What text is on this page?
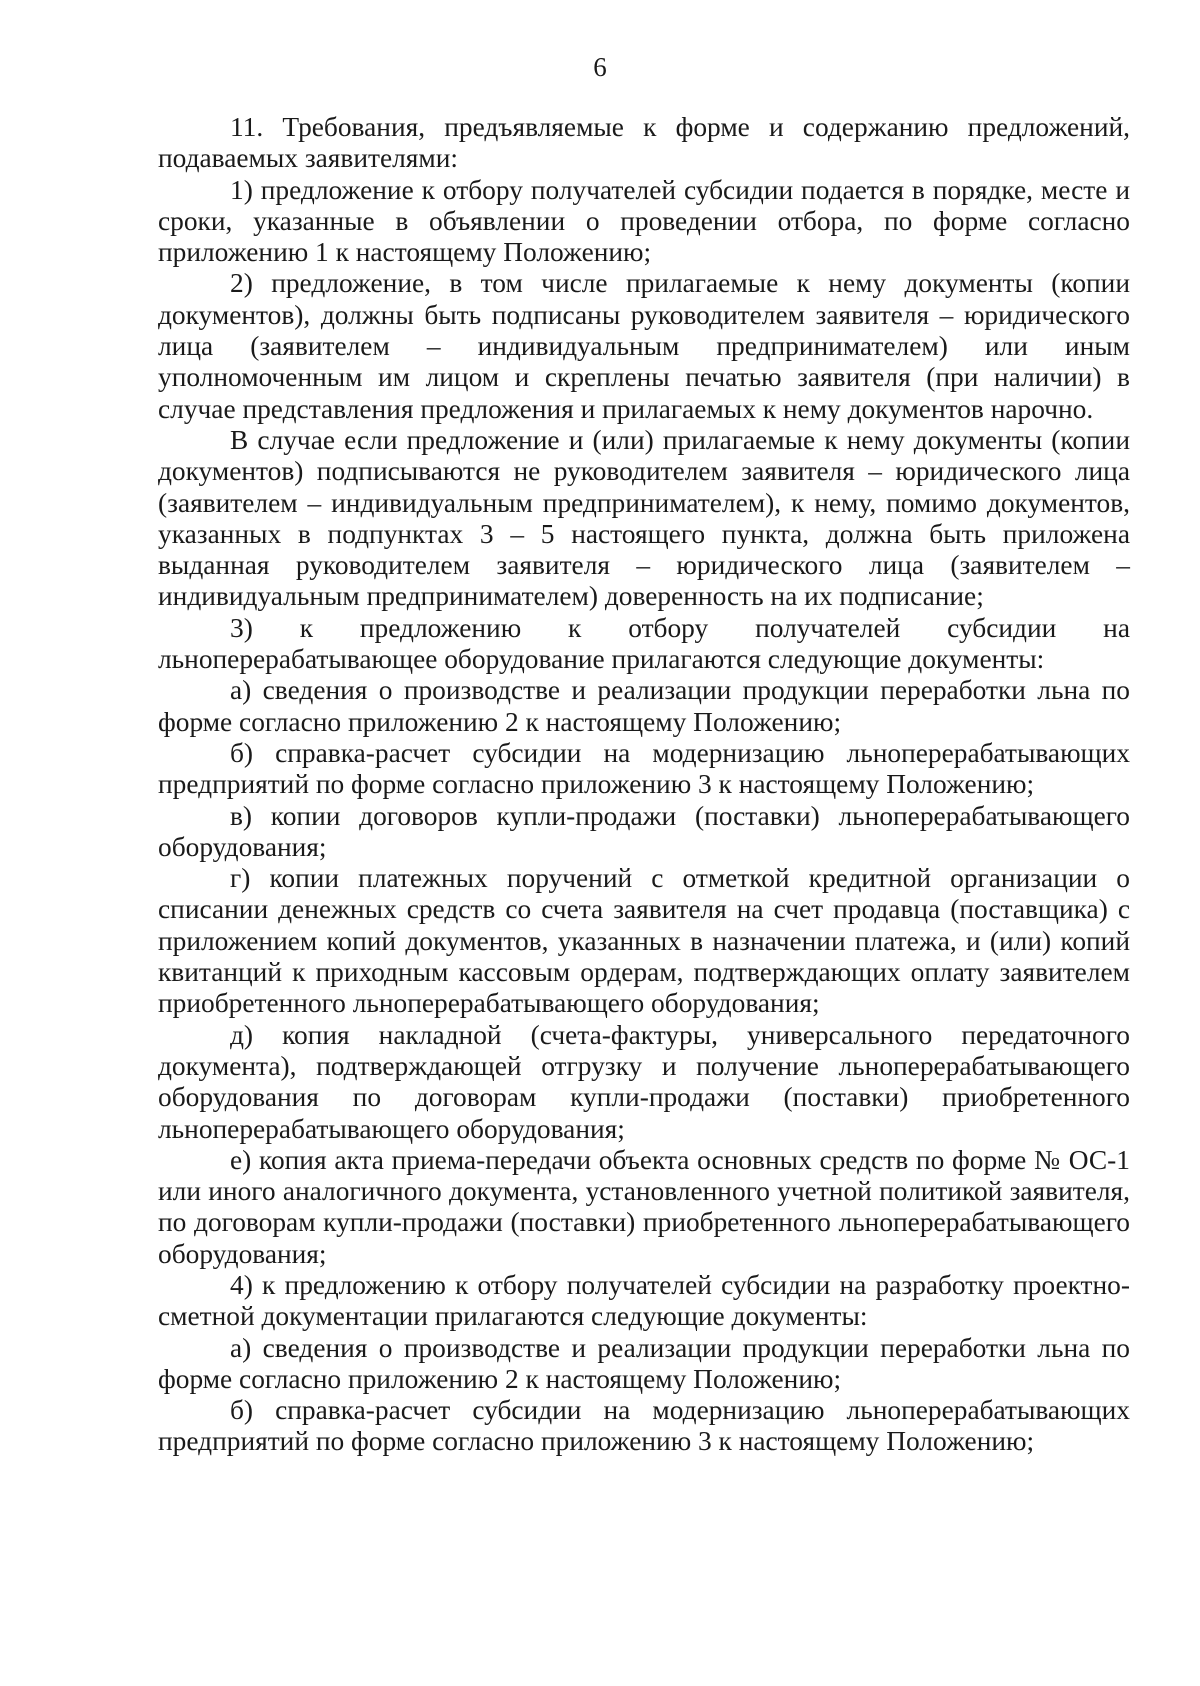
6

11. Требования, предъявляемые к форме и содержанию предложений, подаваемых заявителями:

1) предложение к отбору получателей субсидии подается в порядке, месте и сроки, указанные в объявлении о проведении отбора, по форме согласно приложению 1 к настоящему Положению;

2) предложение, в том числе прилагаемые к нему документы (копии документов), должны быть подписаны руководителем заявителя – юридического лица (заявителем – индивидуальным предпринимателем) или иным уполномоченным им лицом и скреплены печатью заявителя (при наличии) в случае представления предложения и прилагаемых к нему документов нарочно.

В случае если предложение и (или) прилагаемые к нему документы (копии документов) подписываются не руководителем заявителя – юридического лица (заявителем – индивидуальным предпринимателем), к нему, помимо документов, указанных в подпунктах 3 – 5 настоящего пункта, должна быть приложена выданная руководителем заявителя – юридического лица (заявителем – индивидуальным предпринимателем) доверенность на их подписание;

3) к предложению к отбору получателей субсидии на льноперерабатывающее оборудование прилагаются следующие документы:

а) сведения о производстве и реализации продукции переработки льна по форме согласно приложению 2 к настоящему Положению;

б) справка-расчет субсидии на модернизацию льноперерабатывающих предприятий по форме согласно приложению 3 к настоящему Положению;

в) копии договоров купли-продажи (поставки) льноперерабатывающего оборудования;

г) копии платежных поручений с отметкой кредитной организации о списании денежных средств со счета заявителя на счет продавца (поставщика) с приложением копий документов, указанных в назначении платежа, и (или) копий квитанций к приходным кассовым ордерам, подтверждающих оплату заявителем приобретенного льноперерабатывающего оборудования;

д) копия накладной (счета-фактуры, универсального передаточного документа), подтверждающей отгрузку и получение льноперерабатывающего оборудования по договорам купли-продажи (поставки) приобретенного льноперерабатывающего оборудования;

е) копия акта приема-передачи объекта основных средств по форме № ОС-1 или иного аналогичного документа, установленного учетной политикой заявителя, по договорам купли-продажи (поставки) приобретенного льноперерабатывающего оборудования;

4) к предложению к отбору получателей субсидии на разработку проектно-сметной документации прилагаются следующие документы:

а) сведения о производстве и реализации продукции переработки льна по форме согласно приложению 2 к настоящему Положению;

б) справка-расчет субсидии на модернизацию льноперерабатывающих предприятий по форме согласно приложению 3 к настоящему Положению;
